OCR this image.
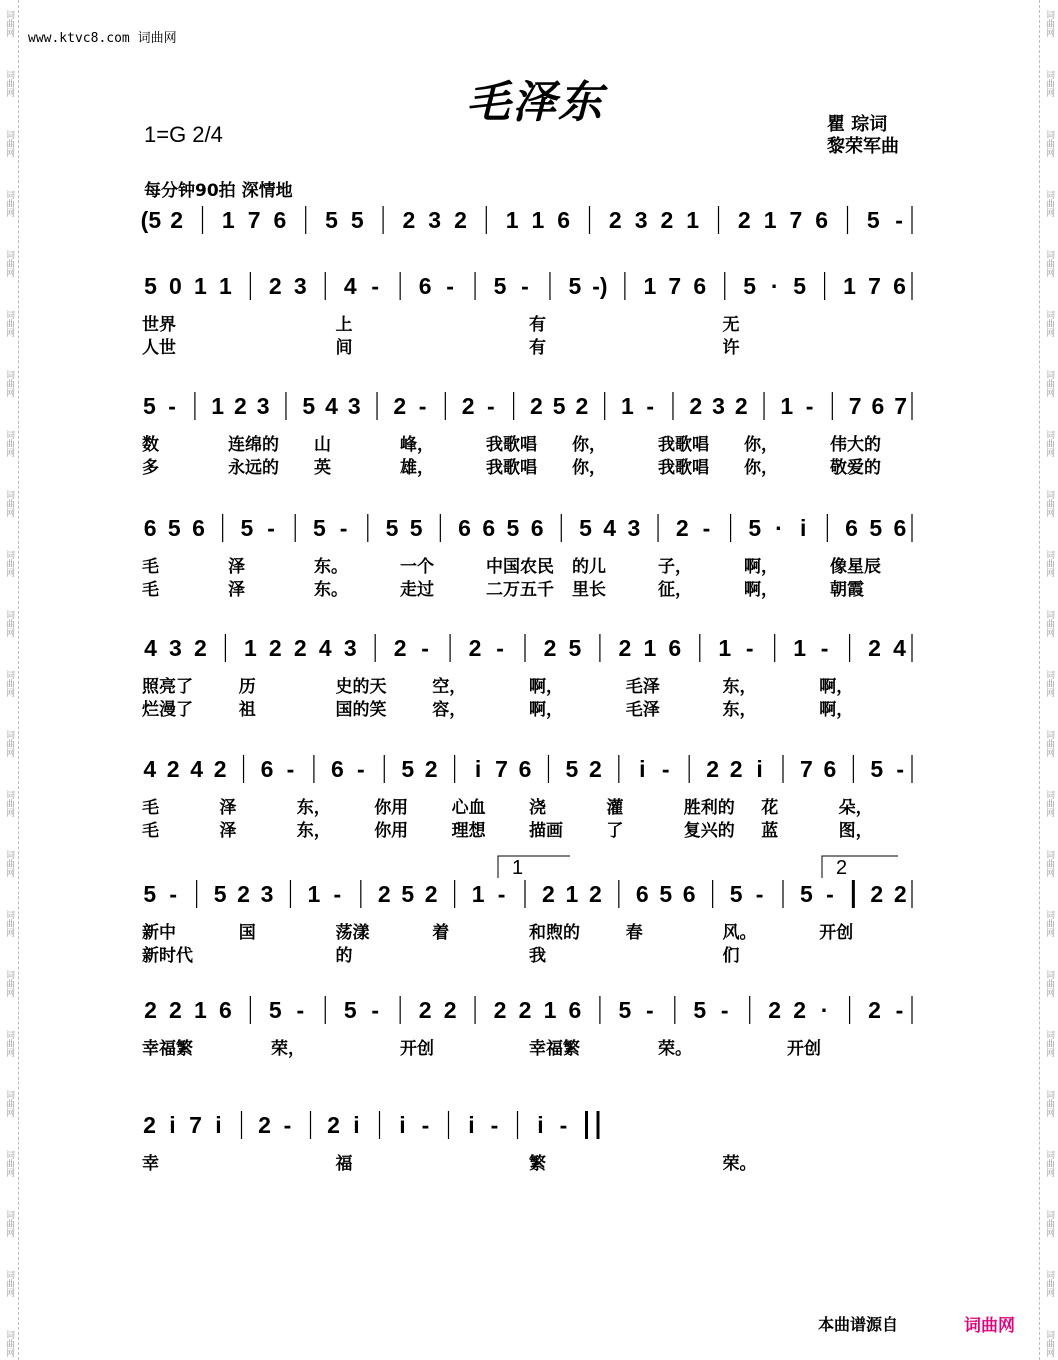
词曲网
词曲网
词曲网
词曲网
词曲网
词曲网
词曲网
词曲网
词曲网
词曲网
词曲网
词曲网
词曲网
词曲网
词曲网
词曲网
词曲网
词曲网
词曲网
词曲网
词曲网
词曲网
词曲网
词曲网
词曲网
词曲网
词曲网
词曲网
词曲网
词曲网
词曲网
词曲网
词曲网
词曲网
词曲网
词曲网
词曲网
词曲网
词曲网
词曲网
词曲网
词曲网
词曲网
词曲网
词曲网
词曲网
www.ktvc8.com 词曲网
毛泽东
1=G 2/4	瞿 琮词
黎荣军曲
每分钟90拍 深情地
(5 2 1 7 6 5 5 2 3 2 1 1 6 2 3 2 1 2 1 7 6 5 -
5 0 1 1 2 3 4 - 6 - 5 - 5 -) 1 7 6 5 · 5 1 7 6
世界	上	有	无
人世	间	有	许
5 - 1 2 3 5 4 3 2 - 2 - 2 5 2 1 - 2 3 2 1 - 7 6 7
数	连绵的 山	峰，	我歌唱 你，	我歌唱 你，	伟大的
多	永远的 英	雄，	我歌唱 你，	我歌唱 你，	敬爱的
6 5 6 5 - 5 - 5 5 6 6 5 6 5 4 3 2 - 5 · i 6 5 6
毛	泽	东。	一个	中国农民 的儿	子，	啊，	像星辰
毛	泽	东。	走过	二万五千 里长	征，	啊，	朝霞
4 3 2 1 2 2 4 3 2 - 2 - 2 5 2 1 6 1 - 1 - 2 4
照亮了	历	史的天	空，	啊，	毛泽	东，	啊，
烂漫了	祖	国的笑	容，	啊，	毛泽	东，	啊，
4 2 4 2 6 - 6 - 5 2 i 7 6 5 2 i - 2 2 i 7 6 5 -
毛	泽	东，	你用	心血	浇	灌	胜利的 花	朵，
毛	泽	东，	你用	理想	描画	了	复兴的 蓝	图，
5 - 5 2 3 1 - 2 5 2 1 - 2 1 2 6 5 6 5 - 5 - 2 2
新中	国	荡漾	着	和煦的	春	风。	开创
新时代	的	我	们
2 2 1 6 5 - 5 - 2 2 2 2 1 6 5 - 5 - 2 2 · 2 -
幸福繁	荣，	开创	幸福繁	荣。	开创
2 i 7 i 2 - 2 i i - i - i -
幸	福	繁	荣。
1	2
本曲谱源自	词曲网
